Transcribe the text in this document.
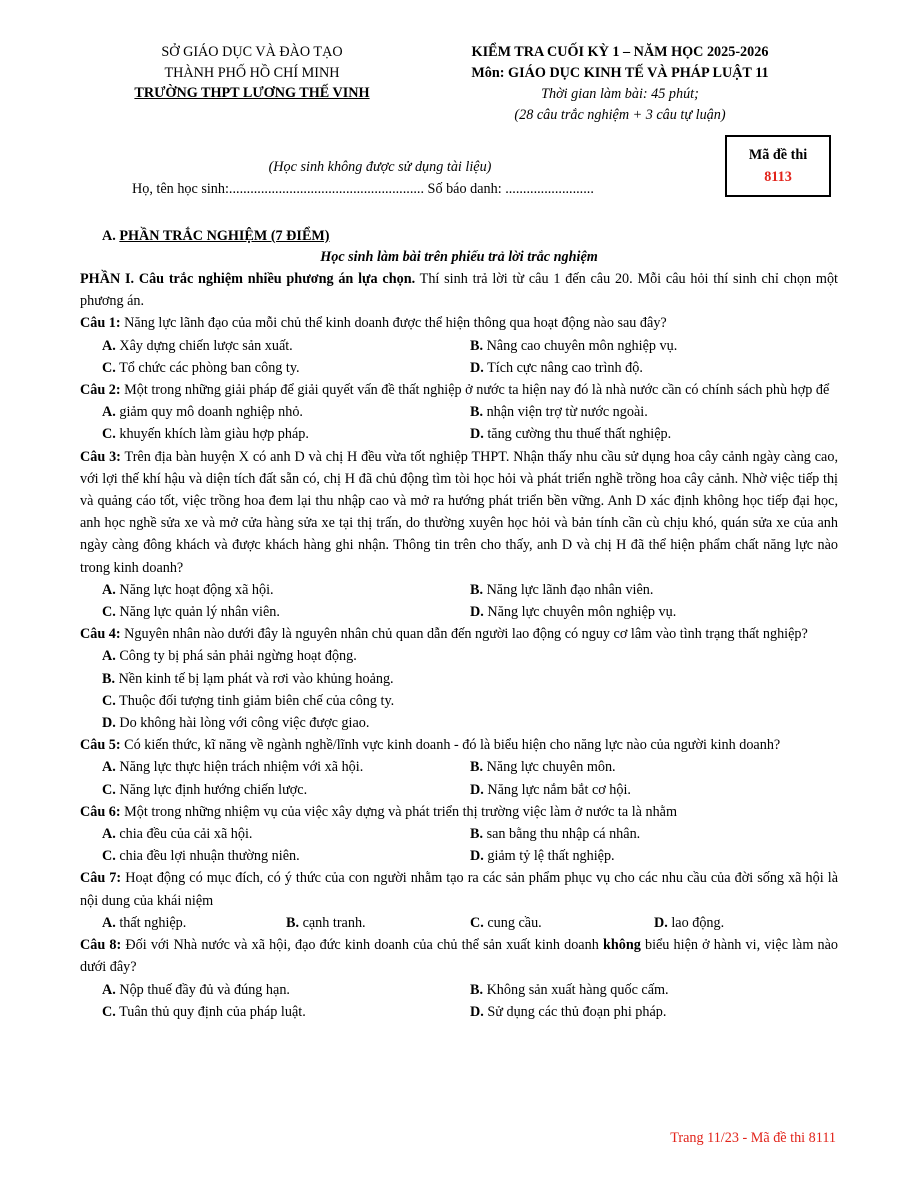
SỞ GIÁO DỤC VÀ ĐÀO TẠO
THÀNH PHỐ HỒ CHÍ MINH
TRƯỜNG THPT LƯƠNG THẾ VINH
KIỂM TRA CUỐI KỲ 1 – NĂM HỌC 2025-2026
Môn: GIÁO DỤC KINH TẾ VÀ PHÁP LUẬT 11
Thời gian làm bài: 45 phút;
(28 câu trắc nghiệm + 3 câu tự luận)
(Học sinh không được sử dụng tài liệu)
Họ, tên học sinh:....................................................... Số báo danh: .........................
Mã đề thi
8113
A. PHẦN TRẮC NGHIỆM (7 ĐIỂM)
Học sinh làm bài trên phiếu trả lời trắc nghiệm

PHẦN I. Câu trắc nghiệm nhiều phương án lựa chọn. Thí sinh trả lời từ câu 1 đến câu 20. Mỗi câu hỏi thí sinh chỉ chọn một phương án.

Câu 1: Năng lực lãnh đạo của mỗi chủ thể kinh doanh được thể hiện thông qua hoạt động nào sau đây?

A. Xây dựng chiến lược sản xuất.	B. Nâng cao chuyên môn nghiệp vụ.
C. Tổ chức các phòng ban công ty.	D. Tích cực nâng cao trình độ.

Câu 2: Một trong những giải pháp để giải quyết vấn đề thất nghiệp ở nước ta hiện nay đó là nhà nước cần có chính sách phù hợp để

A. giảm quy mô doanh nghiệp nhỏ.	B. nhận viện trợ từ nước ngoài.
C. khuyến khích làm giàu hợp pháp.	D. tăng cường thu thuế thất nghiệp.

Câu 3: Trên địa bàn huyện X có anh D và chị H đều vừa tốt nghiệp THPT. Nhận thấy nhu cầu sử dụng hoa cây cảnh ngày càng cao, với lợi thế khí hậu và diện tích đất sẵn có, chị H đã chủ động tìm tòi học hỏi và phát triển nghề trồng hoa cây cảnh. Nhờ việc tiếp thị và quảng cáo tốt, việc trồng hoa đem lại thu nhập cao và mở ra hướng phát triển bền vững. Anh D xác định không học tiếp đại học, anh học nghề sửa xe và mở cửa hàng sửa xe tại thị trấn, do thường xuyên học hỏi và bản tính cần cù chịu khó, quán sửa xe của anh ngày càng đông khách và được khách hàng ghi nhận. Thông tin trên cho thấy, anh D và chị H đã thể hiện phẩm chất năng lực nào trong kinh doanh?

A. Năng lực hoạt động xã hội.	B. Năng lực lãnh đạo nhân viên.
C. Năng lực quản lý nhân viên.	D. Năng lực chuyên môn nghiệp vụ.

Câu 4: Nguyên nhân nào dưới đây là nguyên nhân chủ quan dẫn đến người lao động có nguy cơ lâm vào tình trạng thất nghiệp?

A. Công ty bị phá sản phải ngừng hoạt động.

B. Nền kinh tế bị lạm phát và rơi vào khủng hoảng.

C. Thuộc đối tượng tinh giảm biên chế của công ty.

D. Do không hài lòng với công việc được giao.

Câu 5: Có kiến thức, kĩ năng về ngành nghề/lĩnh vực kinh doanh - đó là biểu hiện cho năng lực nào của người kinh doanh?

A. Năng lực thực hiện trách nhiệm với xã hội.	B. Năng lực chuyên môn.
C. Năng lực định hướng chiến lược.	D. Năng lực nắm bắt cơ hội.

Câu 6: Một trong những nhiệm vụ của việc xây dựng và phát triển thị trường việc làm ở nước ta là nhằm

A. chia đều của cải xã hội.	B. san bằng thu nhập cá nhân.
C. chia đều lợi nhuận thường niên.	D. giảm tỷ lệ thất nghiệp.

Câu 7: Hoạt động có mục đích, có ý thức của con người nhằm tạo ra các sản phẩm phục vụ cho các nhu cầu của đời sống xã hội là nội dung của khái niệm

A. thất nghiệp.	B. cạnh tranh.	C. cung cầu.	D. lao động.

Câu 8: Đối với Nhà nước và xã hội, đạo đức kinh doanh của chủ thể sản xuất kinh doanh không biểu hiện ở hành vi, việc làm nào dưới đây?

A. Nộp thuế đầy đủ và đúng hạn.	B. Không sản xuất hàng quốc cấm.
C. Tuân thủ quy định của pháp luật.	D. Sử dụng các thủ đoạn phi pháp.
Trang 11/23 - Mã đề thi 8111
